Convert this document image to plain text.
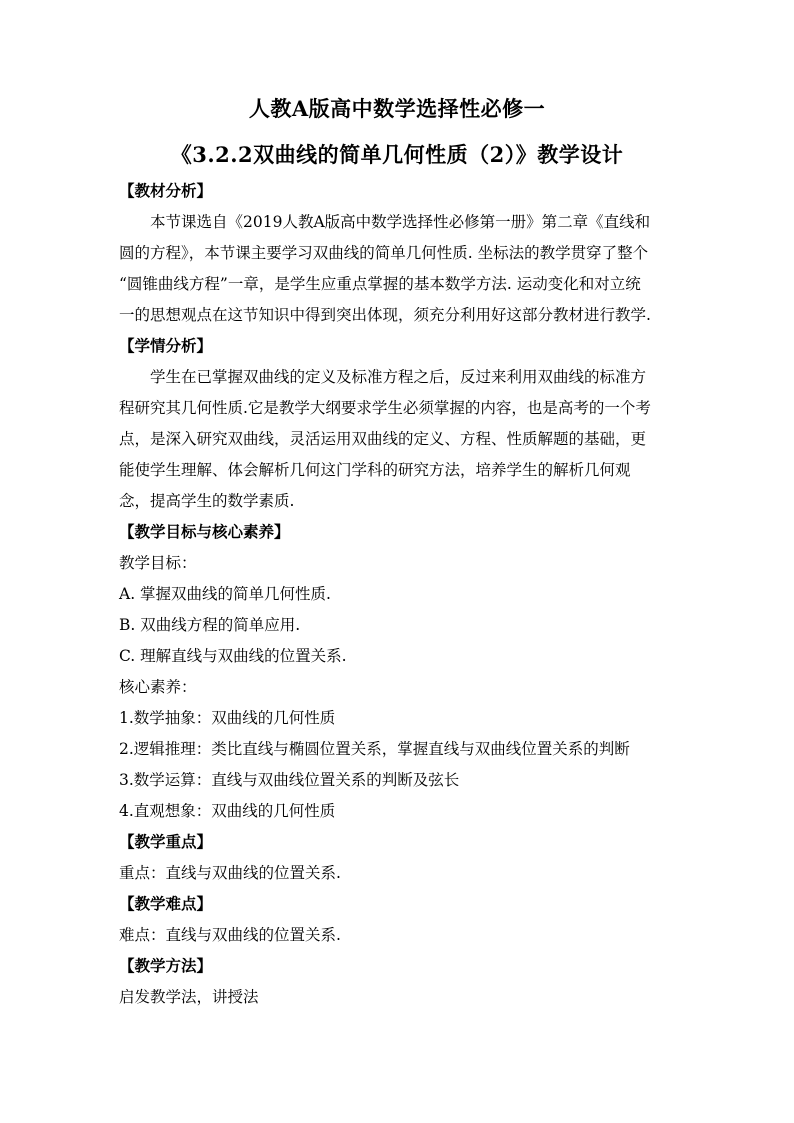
人教A版高中数学选择性必修一
《3.2.2双曲线的简单几何性质（2）》教学设计
【教材分析】
本节课选自《2019人教A版高中数学选择性必修第一册》第二章《直线和
圆的方程》，本节课主要学习双曲线的简单几何性质. 坐标法的教学贯穿了整个
“圆锥曲线方程”一章，是学生应重点掌握的基本数学方法. 运动变化和对立统
一的思想观点在这节知识中得到突出体现，须充分利用好这部分教材进行教学.
【学情分析】
学生在已掌握双曲线的定义及标准方程之后，反过来利用双曲线的标准方
程研究其几何性质.它是教学大纲要求学生必须掌握的内容，也是高考的一个考
点，是深入研究双曲线，灵活运用双曲线的定义、方程、性质解题的基础，更
能使学生理解、体会解析几何这门学科的研究方法，培养学生的解析几何观
念，提高学生的数学素质.
【教学目标与核心素养】
教学目标：
A. 掌握双曲线的简单几何性质.
B. 双曲线方程的简单应用.
C. 理解直线与双曲线的位置关系.
核心素养：
1.数学抽象：双曲线的几何性质
2.逻辑推理：类比直线与椭圆位置关系，掌握直线与双曲线位置关系的判断
3.数学运算：直线与双曲线位置关系的判断及弦长
4.直观想象：双曲线的几何性质
【教学重点】
重点：直线与双曲线的位置关系.
【教学难点】
难点：直线与双曲线的位置关系.
【教学方法】
启发教学法，讲授法
